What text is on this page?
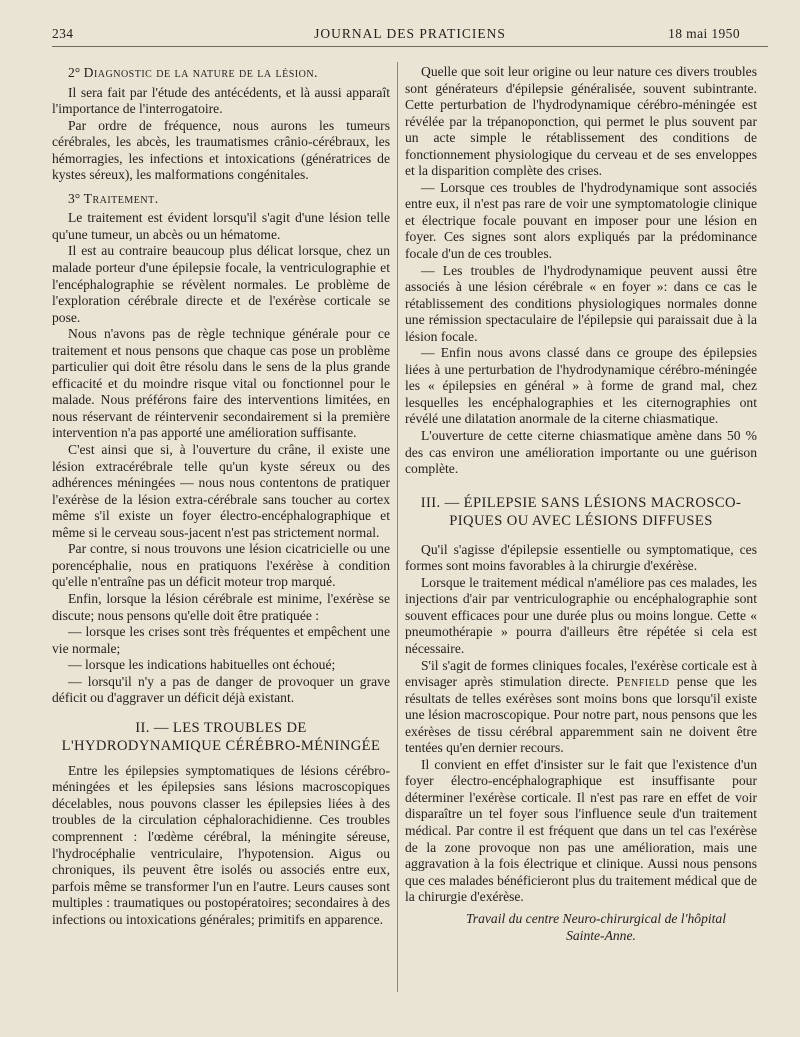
234	JOURNAL DES PRATICIENS	18 mai 1950

2° Diagnostic de la nature de la lésion.

Il sera fait par l'étude des antécédents, et là aussi apparaît l'importance de l'interrogatoire.

Par ordre de fréquence, nous aurons les tumeurs cérébrales, les abcès, les traumatismes crânio-cérébraux, les hémorragies, les infections et intoxications (génératrices de kystes séreux), les malformations congénitales.

3° Traitement.

Le traitement est évident lorsqu'il s'agit d'une lésion telle qu'une tumeur, un abcès ou un hématome.

Il est au contraire beaucoup plus délicat lorsque, chez un malade porteur d'une épilepsie focale, la ventriculographie et l'encéphalographie se révèlent normales. Le problème de l'exploration cérébrale directe et de l'exérèse corticale se pose.

Nous n'avons pas de règle technique générale pour ce traitement et nous pensons que chaque cas pose un problème particulier qui doit être résolu dans le sens de la plus grande efficacité et du moindre risque vital ou fonctionnel pour le malade. Nous préférons faire des interventions limitées, en nous réservant de réintervenir secondairement si la première intervention n'a pas apporté une amélioration suffisante.

C'est ainsi que si, à l'ouverture du crâne, il existe une lésion extracérébrale telle qu'un kyste séreux ou des adhérences méningées — nous nous contentons de pratiquer l'exérèse de la lésion extra-cérébrale sans toucher au cortex même s'il existe un foyer électro-encéphalographique et même si le cerveau sous-jacent n'est pas strictement normal.

Par contre, si nous trouvons une lésion cicatricielle ou une porencéphalie, nous en pratiquons l'exérèse à condition qu'elle n'entraîne pas un déficit moteur trop marqué.

Enfin, lorsque la lésion cérébrale est minime, l'exérèse se discute; nous pensons qu'elle doit être pratiquée :

— lorsque les crises sont très fréquentes et empêchent une vie normale;

— lorsque les indications habituelles ont échoué;

— lorsqu'il n'y a pas de danger de provoquer un grave déficit ou d'aggraver un déficit déjà existant.

II. — LES TROUBLES DE
L'HYDRODYNAMIQUE CÉRÉBRO-MÉNINGÉE

Entre les épilepsies symptomatiques de lésions cérébro-méningées et les épilepsies sans lésions macroscopiques décelables, nous pouvons classer les épilepsies liées à des troubles de la circulation céphalorachidienne. Ces troubles comprennent : l'œdème cérébral, la méningite séreuse, l'hydrocéphalie ventriculaire, l'hypotension. Aigus ou chroniques, ils peuvent être isolés ou associés entre eux, parfois même se transformer l'un en l'autre. Leurs causes sont multiples : traumatiques ou postopératoires; secondaires à des infections ou intoxications générales; primitifs en apparence.

Quelle que soit leur origine ou leur nature ces divers troubles sont générateurs d'épilepsie généralisée, souvent subintrante. Cette perturbation de l'hydrodynamique cérébro-méningée est révélée par la trépanoponction, qui permet le plus souvent par un acte simple le rétablissement des conditions de fonctionnement physiologique du cerveau et de ses enveloppes et la disparition complète des crises.

— Lorsque ces troubles de l'hydrodynamique sont associés entre eux, il n'est pas rare de voir une symptomatologie clinique et électrique focale pouvant en imposer pour une lésion en foyer. Ces signes sont alors expliqués par la prédominance focale d'un de ces troubles.

— Les troubles de l'hydrodynamique peuvent aussi être associés à une lésion cérébrale « en foyer »: dans ce cas le rétablissement des conditions physiologiques normales donne une rémission spectaculaire de l'épilepsie qui paraissait due à la lésion focale.

— Enfin nous avons classé dans ce groupe des épilepsies liées à une perturbation de l'hydrodynamique cérébro-méningée les « épilepsies en général » à forme de grand mal, chez lesquelles les encéphalographies et les citernographies ont révélé une dilatation anormale de la citerne chiasmatique.

L'ouverture de cette citerne chiasmatique amène dans 50 % des cas environ une amélioration importante ou une guérison complète.

III. — ÉPILEPSIE SANS LÉSIONS MACROSCO-
PIQUES OU AVEC LÉSIONS DIFFUSES

Qu'il s'agisse d'épilepsie essentielle ou symptomatique, ces formes sont moins favorables à la chirurgie d'exérèse.

Lorsque le traitement médical n'améliore pas ces malades, les injections d'air par ventriculographie ou encéphalographie sont souvent efficaces pour une durée plus ou moins longue. Cette « pneumothérapie » pourra d'ailleurs être répétée si cela est nécessaire.

S'il s'agit de formes cliniques focales, l'exérèse corticale est à envisager après stimulation directe. Penfield pense que les résultats de telles exérèses sont moins bons que lorsqu'il existe une lésion macroscopique. Pour notre part, nous pensons que les exérèses de tissu cérébral apparemment sain ne doivent être tentées qu'en dernier recours.

Il convient en effet d'insister sur le fait que l'existence d'un foyer électro-encéphalographique est insuffisante pour déterminer l'exérèse corticale. Il n'est pas rare en effet de voir disparaître un tel foyer sous l'influence seule d'un traitement médical. Par contre il est fréquent que dans un tel cas l'exérèse de la zone provoque non pas une amélioration, mais une aggravation à la fois électrique et clinique. Aussi nous pensons que ces malades bénéficieront plus du traitement médical que de la chirurgie d'exérèse.

Travail du centre Neuro-chirurgical de l'hôpital
Sainte-Anne.
